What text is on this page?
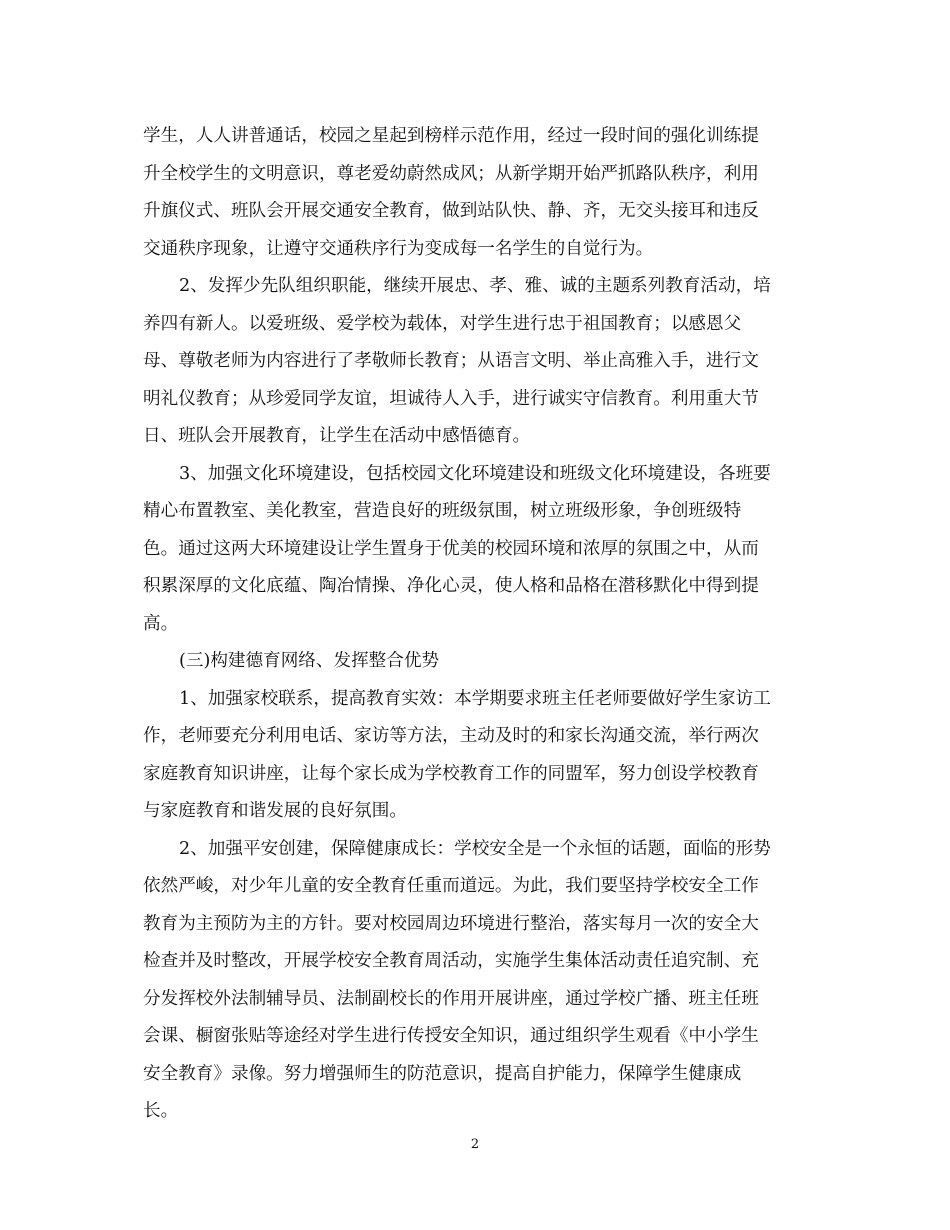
学生，人人讲普通话，校园之星起到榜样示范作用，经过一段时间的强化训练提
升全校学生的文明意识，尊老爱幼蔚然成风；从新学期开始严抓路队秩序，利用
升旗仪式、班队会开展交通安全教育，做到站队快、静、齐，无交头接耳和违反
交通秩序现象，让遵守交通秩序行为变成每一名学生的自觉行为。
2、发挥少先队组织职能，继续开展忠、孝、雅、诚的主题系列教育活动，培
养四有新人。以爱班级、爱学校为载体，对学生进行忠于祖国教育；以感恩父
母、尊敬老师为内容进行了孝敬师长教育；从语言文明、举止高雅入手，进行文
明礼仪教育；从珍爱同学友谊，坦诚待人入手，进行诚实守信教育。利用重大节
日、班队会开展教育，让学生在活动中感悟德育。
3、加强文化环境建设，包括校园文化环境建设和班级文化环境建设，各班要
精心布置教室、美化教室，营造良好的班级氛围，树立班级形象，争创班级特
色。通过这两大环境建设让学生置身于优美的校园环境和浓厚的氛围之中，从而
积累深厚的文化底蕴、陶冶情操、净化心灵，使人格和品格在潜移默化中得到提
高。
(三)构建德育网络、发挥整合优势
1、加强家校联系，提高教育实效：本学期要求班主任老师要做好学生家访工
作，老师要充分利用电话、家访等方法，主动及时的和家长沟通交流，举行两次
家庭教育知识讲座，让每个家长成为学校教育工作的同盟军，努力创设学校教育
与家庭教育和谐发展的良好氛围。
2、加强平安创建，保障健康成长：学校安全是一个永恒的话题，面临的形势
依然严峻，对少年儿童的安全教育任重而道远。为此，我们要坚持学校安全工作
教育为主预防为主的方针。要对校园周边环境进行整治，落实每月一次的安全大
检查并及时整改，开展学校安全教育周活动，实施学生集体活动责任追究制、充
分发挥校外法制辅导员、法制副校长的作用开展讲座，通过学校广播、班主任班
会课、橱窗张贴等途经对学生进行传授安全知识，通过组织学生观看《中小学生
安全教育》录像。努力增强师生的防范意识，提高自护能力，保障学生健康成
长。
2
